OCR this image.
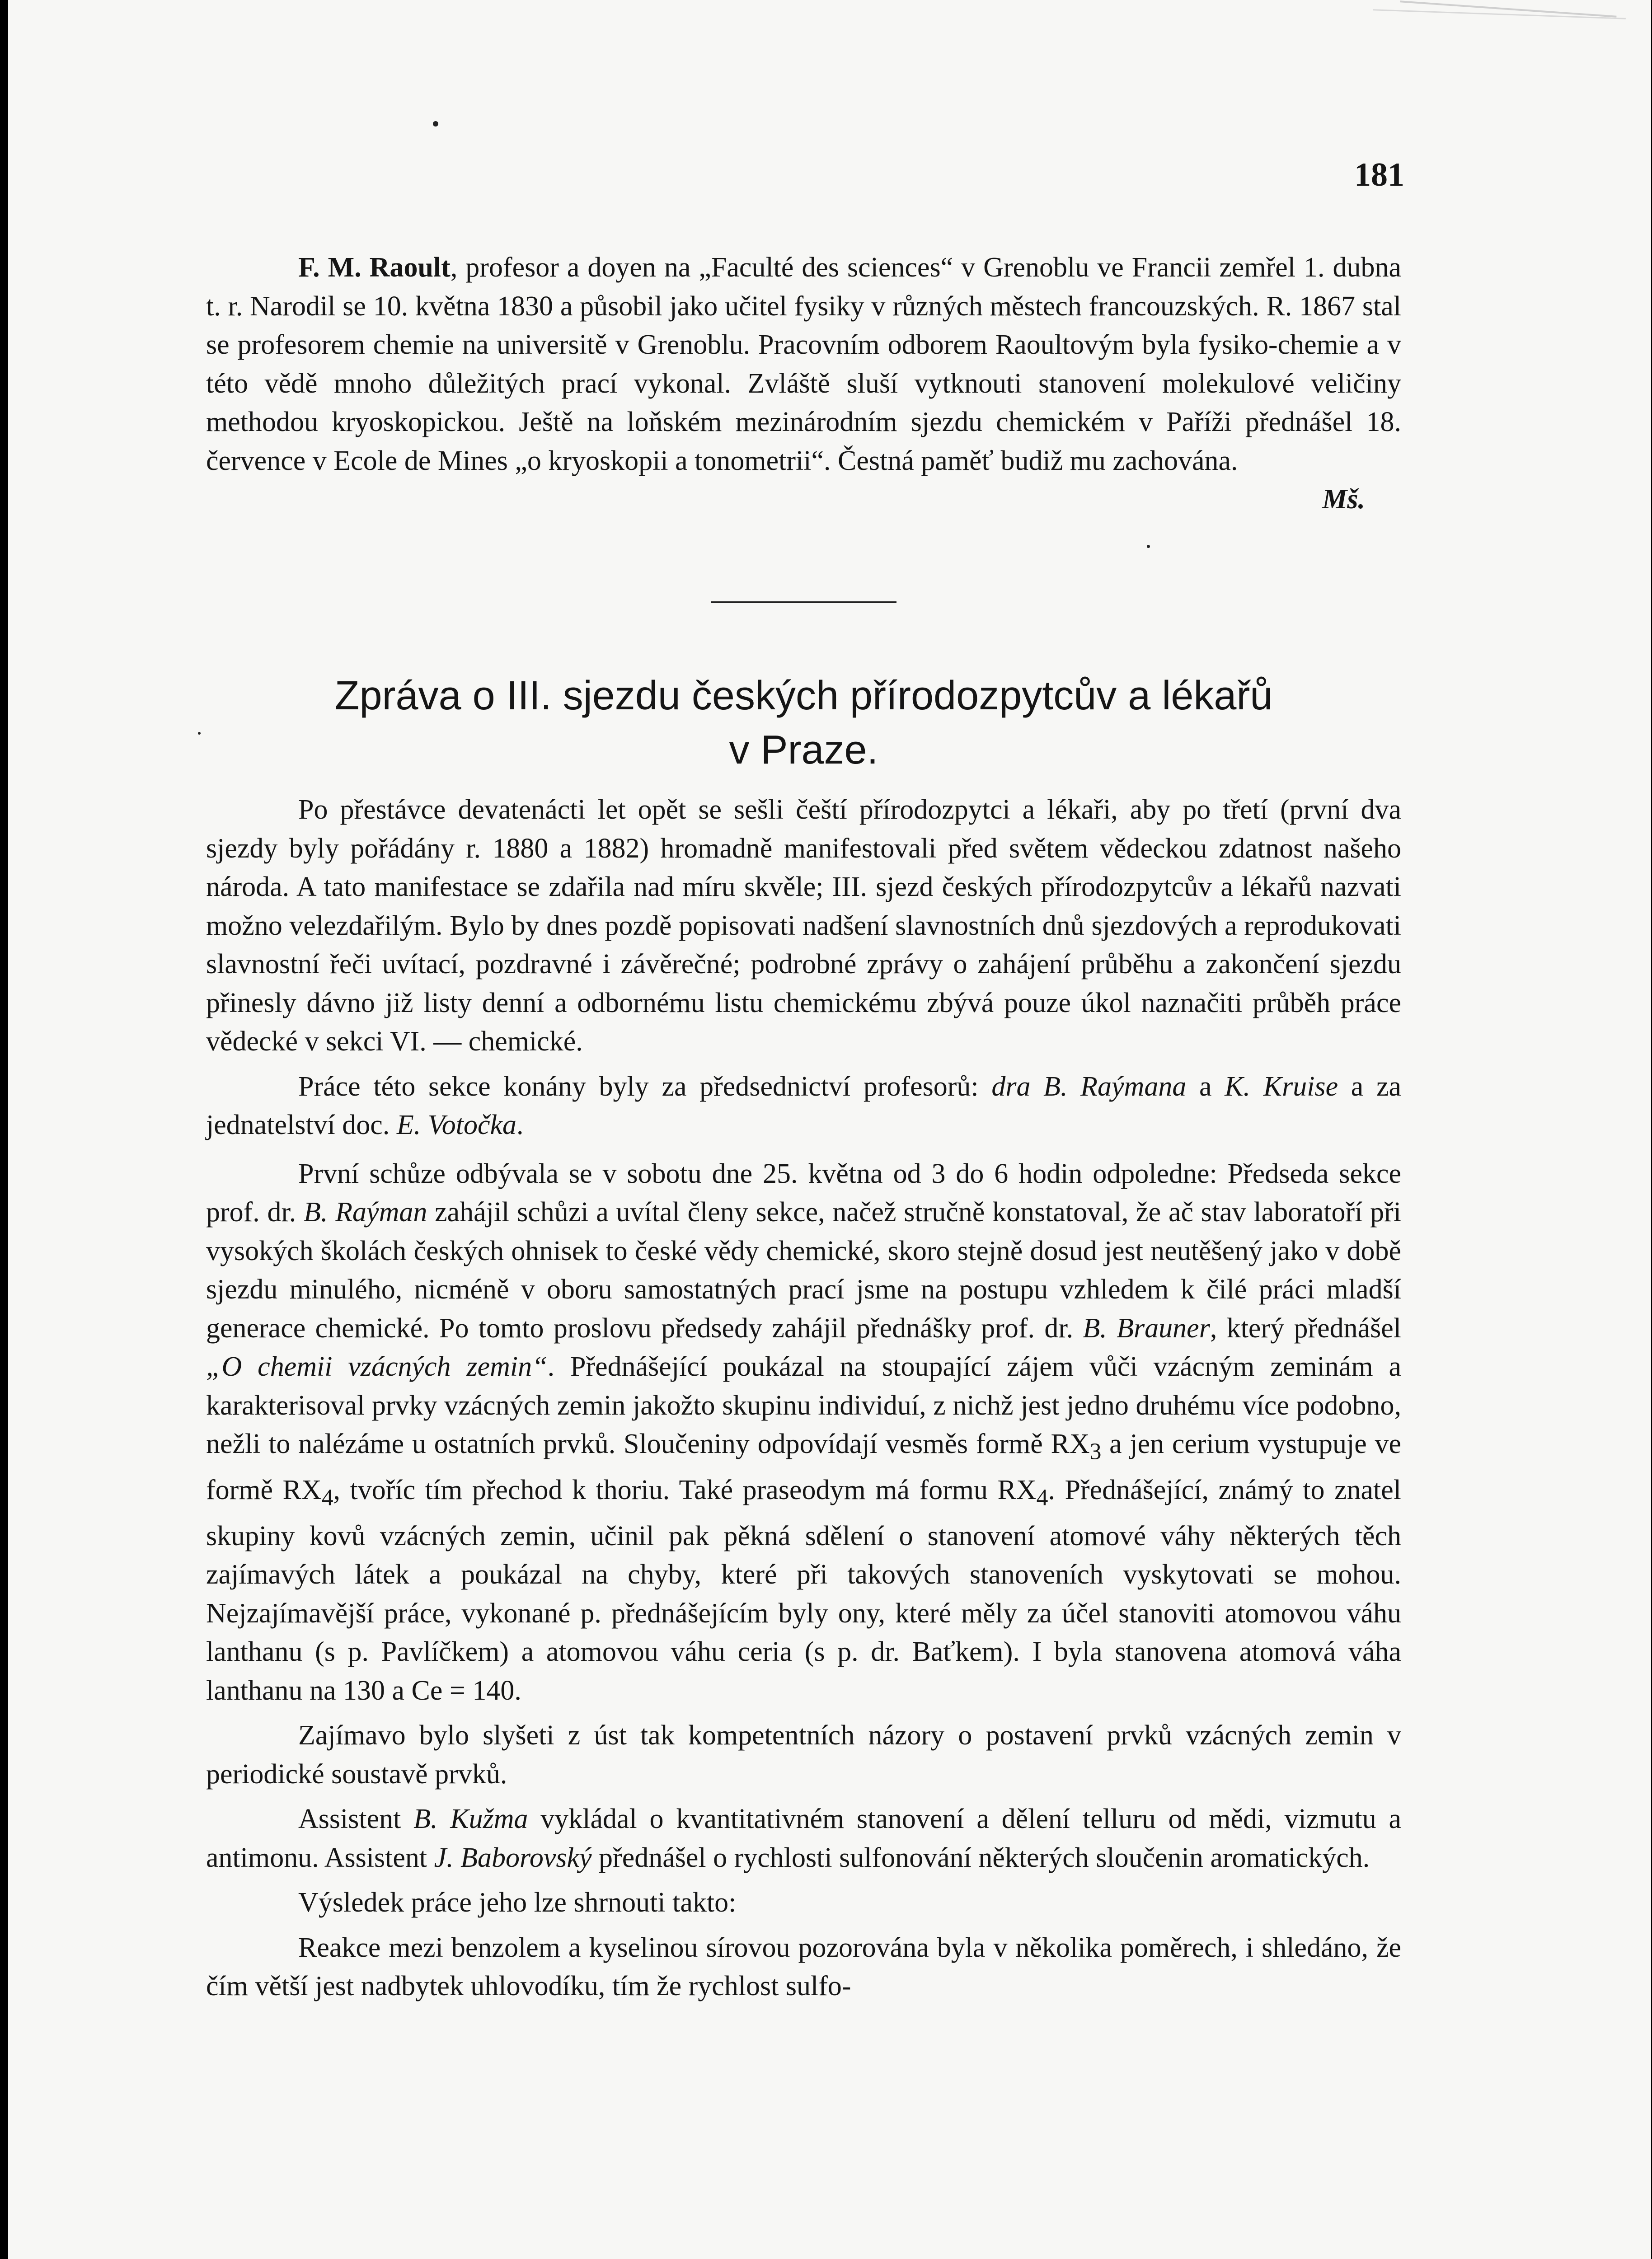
181

F. M. Raoult, profesor a doyen na „Faculté des sciences“ v Grenoblu ve Francii zemřel 1. dubna t. r. Narodil se 10. května 1830 a působil jako učitel fysiky v různých městech francouzských. R. 1867 stal se profesorem chemie na universitě v Grenoblu. Pracovním odborem Raoultovým byla fysiko-chemie a v této vědě mnoho důležitých prací vykonal. Zvláště sluší vytknouti stanovení molekulové veličiny methodou kryoskopickou. Ještě na loňském mezinárodním sjezdu chemickém v Paříži přednášel 18. července v Ecole de Mines „o kryoskopii a tonometrii“. Čestná paměť budiž mu zachována.
Mš.

Zpráva o III. sjezdu českých přírodozpytcův a lékařů
v Praze.

Po přestávce devatenácti let opět se sešli čeští přírodozpytci a lékaři, aby po třetí (první dva sjezdy byly pořádány r. 1880 a 1882) hromadně manifestovali před světem vědeckou zdatnost našeho národa. A tato manifestace se zdařila nad míru skvěle; III. sjezd českých přírodozpytcův a lékařů nazvati možno velezdařilým. Bylo by dnes pozdě popisovati nadšení slavnostních dnů sjezdových a reprodukovati slavnostní řeči uvítací, pozdravné i závěrečné; podrobné zprávy o zahájení průběhu a zakončení sjezdu přinesly dávno již listy denní a odbornému listu chemickému zbývá pouze úkol naznačiti průběh práce vědecké v sekci VI. — chemické.

Práce této sekce konány byly za předsednictví profesorů: dra B. Raýmana a K. Kruise a za jednatelství doc. E. Votočka.

První schůze odbývala se v sobotu dne 25. května od 3 do 6 hodin odpoledne: Předseda sekce prof. dr. B. Raýman zahájil schůzi a uvítal členy sekce, načež stručně konstatoval, že ač stav laboratoří při vysokých školách českých ohnisek to české vědy chemické, skoro stejně dosud jest neutěšený jako v době sjezdu minulého, nicméně v oboru samostatných prací jsme na postupu vzhledem k čilé práci mladší generace chemické. Po tomto proslovu předsedy zahájil přednášky prof. dr. B. Brauner, který přednášel „O chemii vzácných zemin“. Přednášející poukázal na stoupající zájem vůči vzácným zeminám a karakterisoval prvky vzácných zemin jakožto skupinu individuí, z nichž jest jedno druhému více podobno, nežli to nalézáme u ostatních prvků. Sloučeniny odpovídají vesměs formě $RX_3$ a jen cerium vystupuje ve formě $RX_4$, tvoříc tím přechod k thoriu. Také praseodym má formu $RX_4$. Přednášející, známý to znatel skupiny kovů vzácných zemin, učinil pak pěkná sdělení o stanovení atomové váhy některých těch zajímavých látek a poukázal na chyby, které při takových stanoveních vyskytovati se mohou. Nejzajímavější práce, vykonané p. přednášejícím byly ony, které měly za účel stanoviti atomovou váhu lanthanu (s p. Pavlíčkem) a atomovou váhu ceria (s p. dr. Baťkem). I byla stanovena atomová váha lanthanu na 130 a Ce = 140.

Zajímavo bylo slyšeti z úst tak kompetentních názory o postavení prvků vzácných zemin v periodické soustavě prvků.

Assistent B. Kužma vykládal o kvantitativném stanovení a dělení telluru od mědi, vizmutu a antimonu. Assistent J. Baborovský přednášel o rychlosti sulfonování některých sloučenin aromatických.

Výsledek práce jeho lze shrnouti takto:

Reakce mezi benzolem a kyselinou sírovou pozorována byla v několika poměrech, i shledáno, že čím větší jest nadbytek uhlovodíku, tím že rychlost sulfo-
